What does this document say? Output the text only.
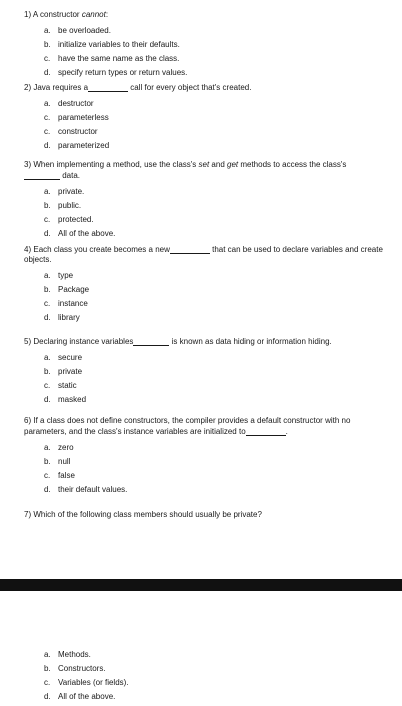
1) A constructor cannot:
a. be overloaded.
b. initialize variables to their defaults.
c. have the same name as the class.
d. specify return types or return values.
2) Java requires a	call for every object that's created.
a. destructor
c. parameterless
c. constructor
d. parameterized
3) When implementing a method, use the class's set and get methods to access the class's
data.
a. private.
b. public.
c. protected.
d. All of the above.
4) Each class you create becomes a new	that can be used to declare variables and create objects.
a. type
b. Package
c. instance
d. library
5) Declaring instance variables	is known as data hiding or information hiding.
a. secure
b. private
c. static
d. masked
6) If a class does not define constructors, the compiler provides a default constructor with no parameters, and the class's instance variables are initialized to	.
a. zero
b. null
c. false
d. their default values.
7) Which of the following class members should usually be private?
a. Methods.
b. Constructors.
c. Variables (or fields).
d. All of the above.
